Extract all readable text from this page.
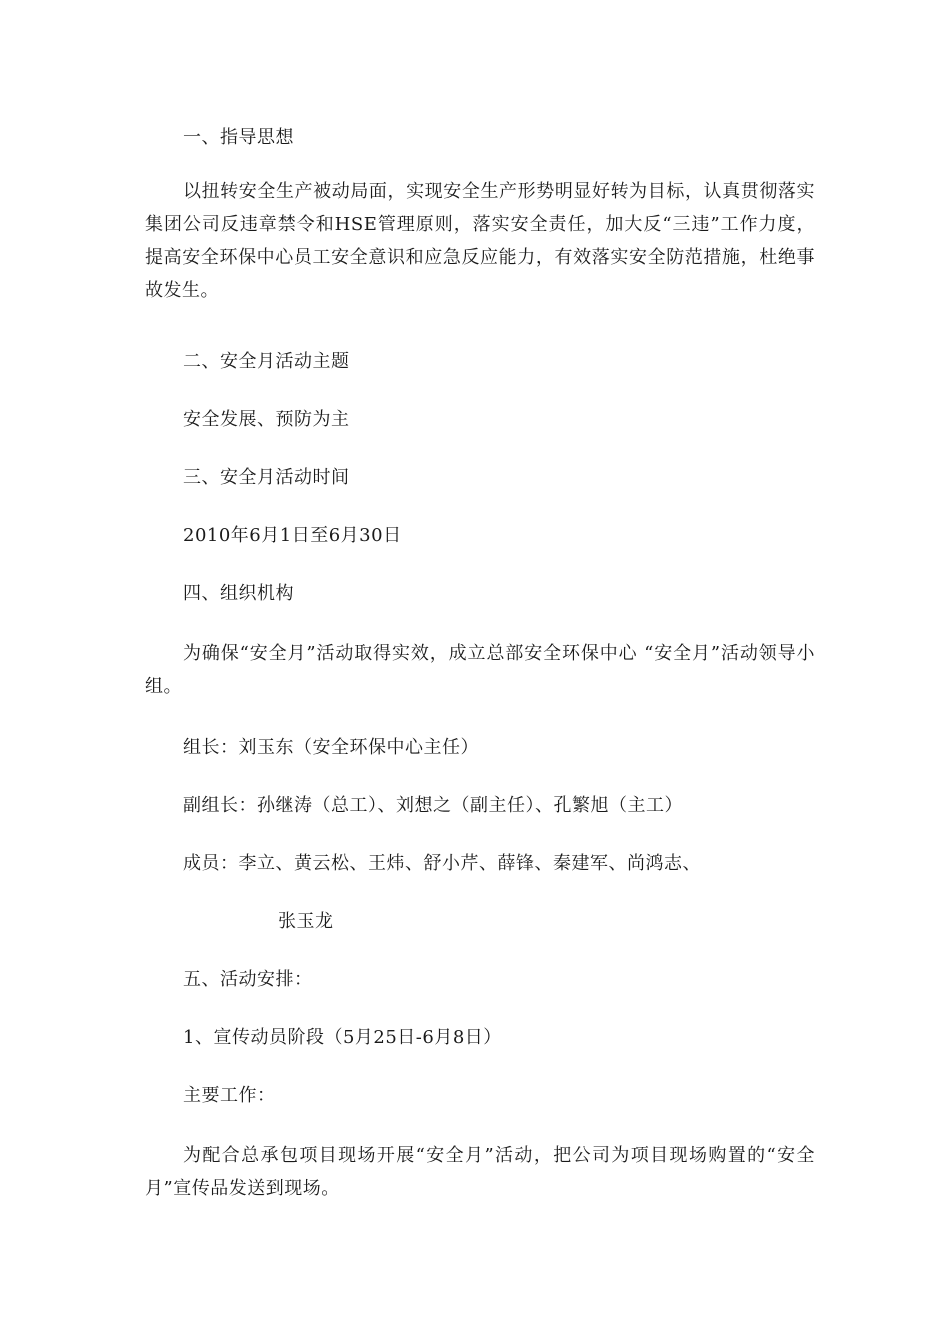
一、指导思想
以扭转安全生产被动局面，实现安全生产形势明显好转为目标，认真贯彻落实集团公司反违章禁令和HSE管理原则，落实安全责任，加大反“三违”工作力度，提高安全环保中心员工安全意识和应急反应能力，有效落实安全防范措施，杜绝事故发生。
二、安全月活动主题
安全发展、预防为主
三、安全月活动时间
2010年6月1日至6月30日
四、组织机构
为确保“安全月”活动取得实效，成立总部安全环保中心 “安全月”活动领导小组。
组长：刘玉东（安全环保中心主任）
副组长：孙继涛（总工）、刘想之（副主任）、孔繁旭（主工）
成员：李立、黄云松、王炜、舒小芹、薛锋、秦建军、尚鸿志、
张玉龙
五、活动安排：
1、宣传动员阶段（5月25日-6月8日）
主要工作：
为配合总承包项目现场开展“安全月”活动，把公司为项目现场购置的“安全月”宣传品发送到现场。
